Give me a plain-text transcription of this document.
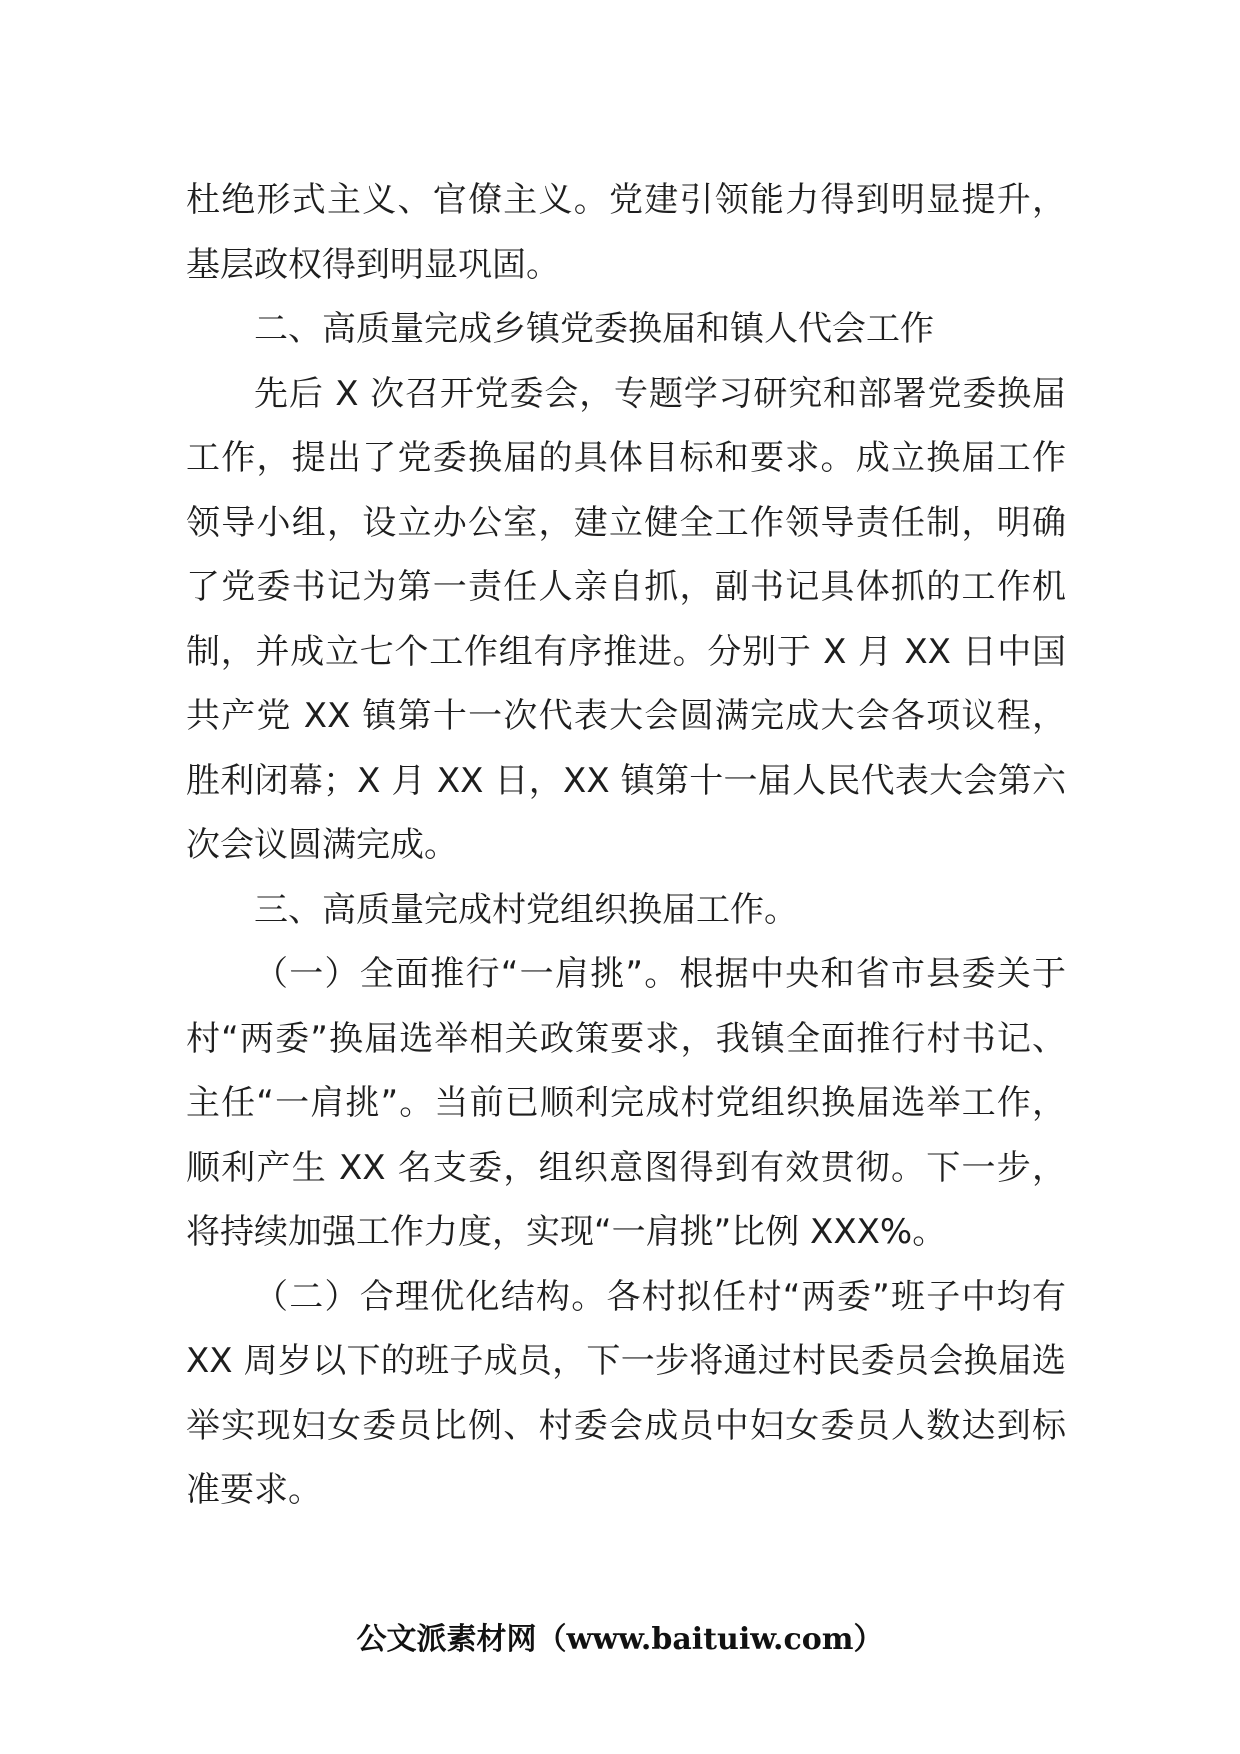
杜绝形式主义、官僚主义。党建引领能力得到明显提升，基层政权得到明显巩固。

二、高质量完成乡镇党委换届和镇人代会工作

先后 X 次召开党委会，专题学习研究和部署党委换届工作，提出了党委换届的具体目标和要求。成立换届工作领导小组，设立办公室，建立健全工作领导责任制，明确了党委书记为第一责任人亲自抓，副书记具体抓的工作机制，并成立七个工作组有序推进。分别于 X 月 XX 日中国共产党 XX 镇第十一次代表大会圆满完成大会各项议程，胜利闭幕；X 月 XX 日，XX 镇第十一届人民代表大会第六次会议圆满完成。

三、高质量完成村党组织换届工作。

（一）全面推行“一肩挑”。根据中央和省市县委关于村“两委”换届选举相关政策要求，我镇全面推行村书记、主任“一肩挑”。当前已顺利完成村党组织换届选举工作，顺利产生 XX 名支委，组织意图得到有效贯彻。下一步，将持续加强工作力度，实现“一肩挑”比例 XXX%。

（二）合理优化结构。各村拟任村“两委”班子中均有 XX 周岁以下的班子成员，下一步将通过村民委员会换届选举实现妇女委员比例、村委会成员中妇女委员人数达到标准要求。

公文派素材网（www.baituiw.com）
